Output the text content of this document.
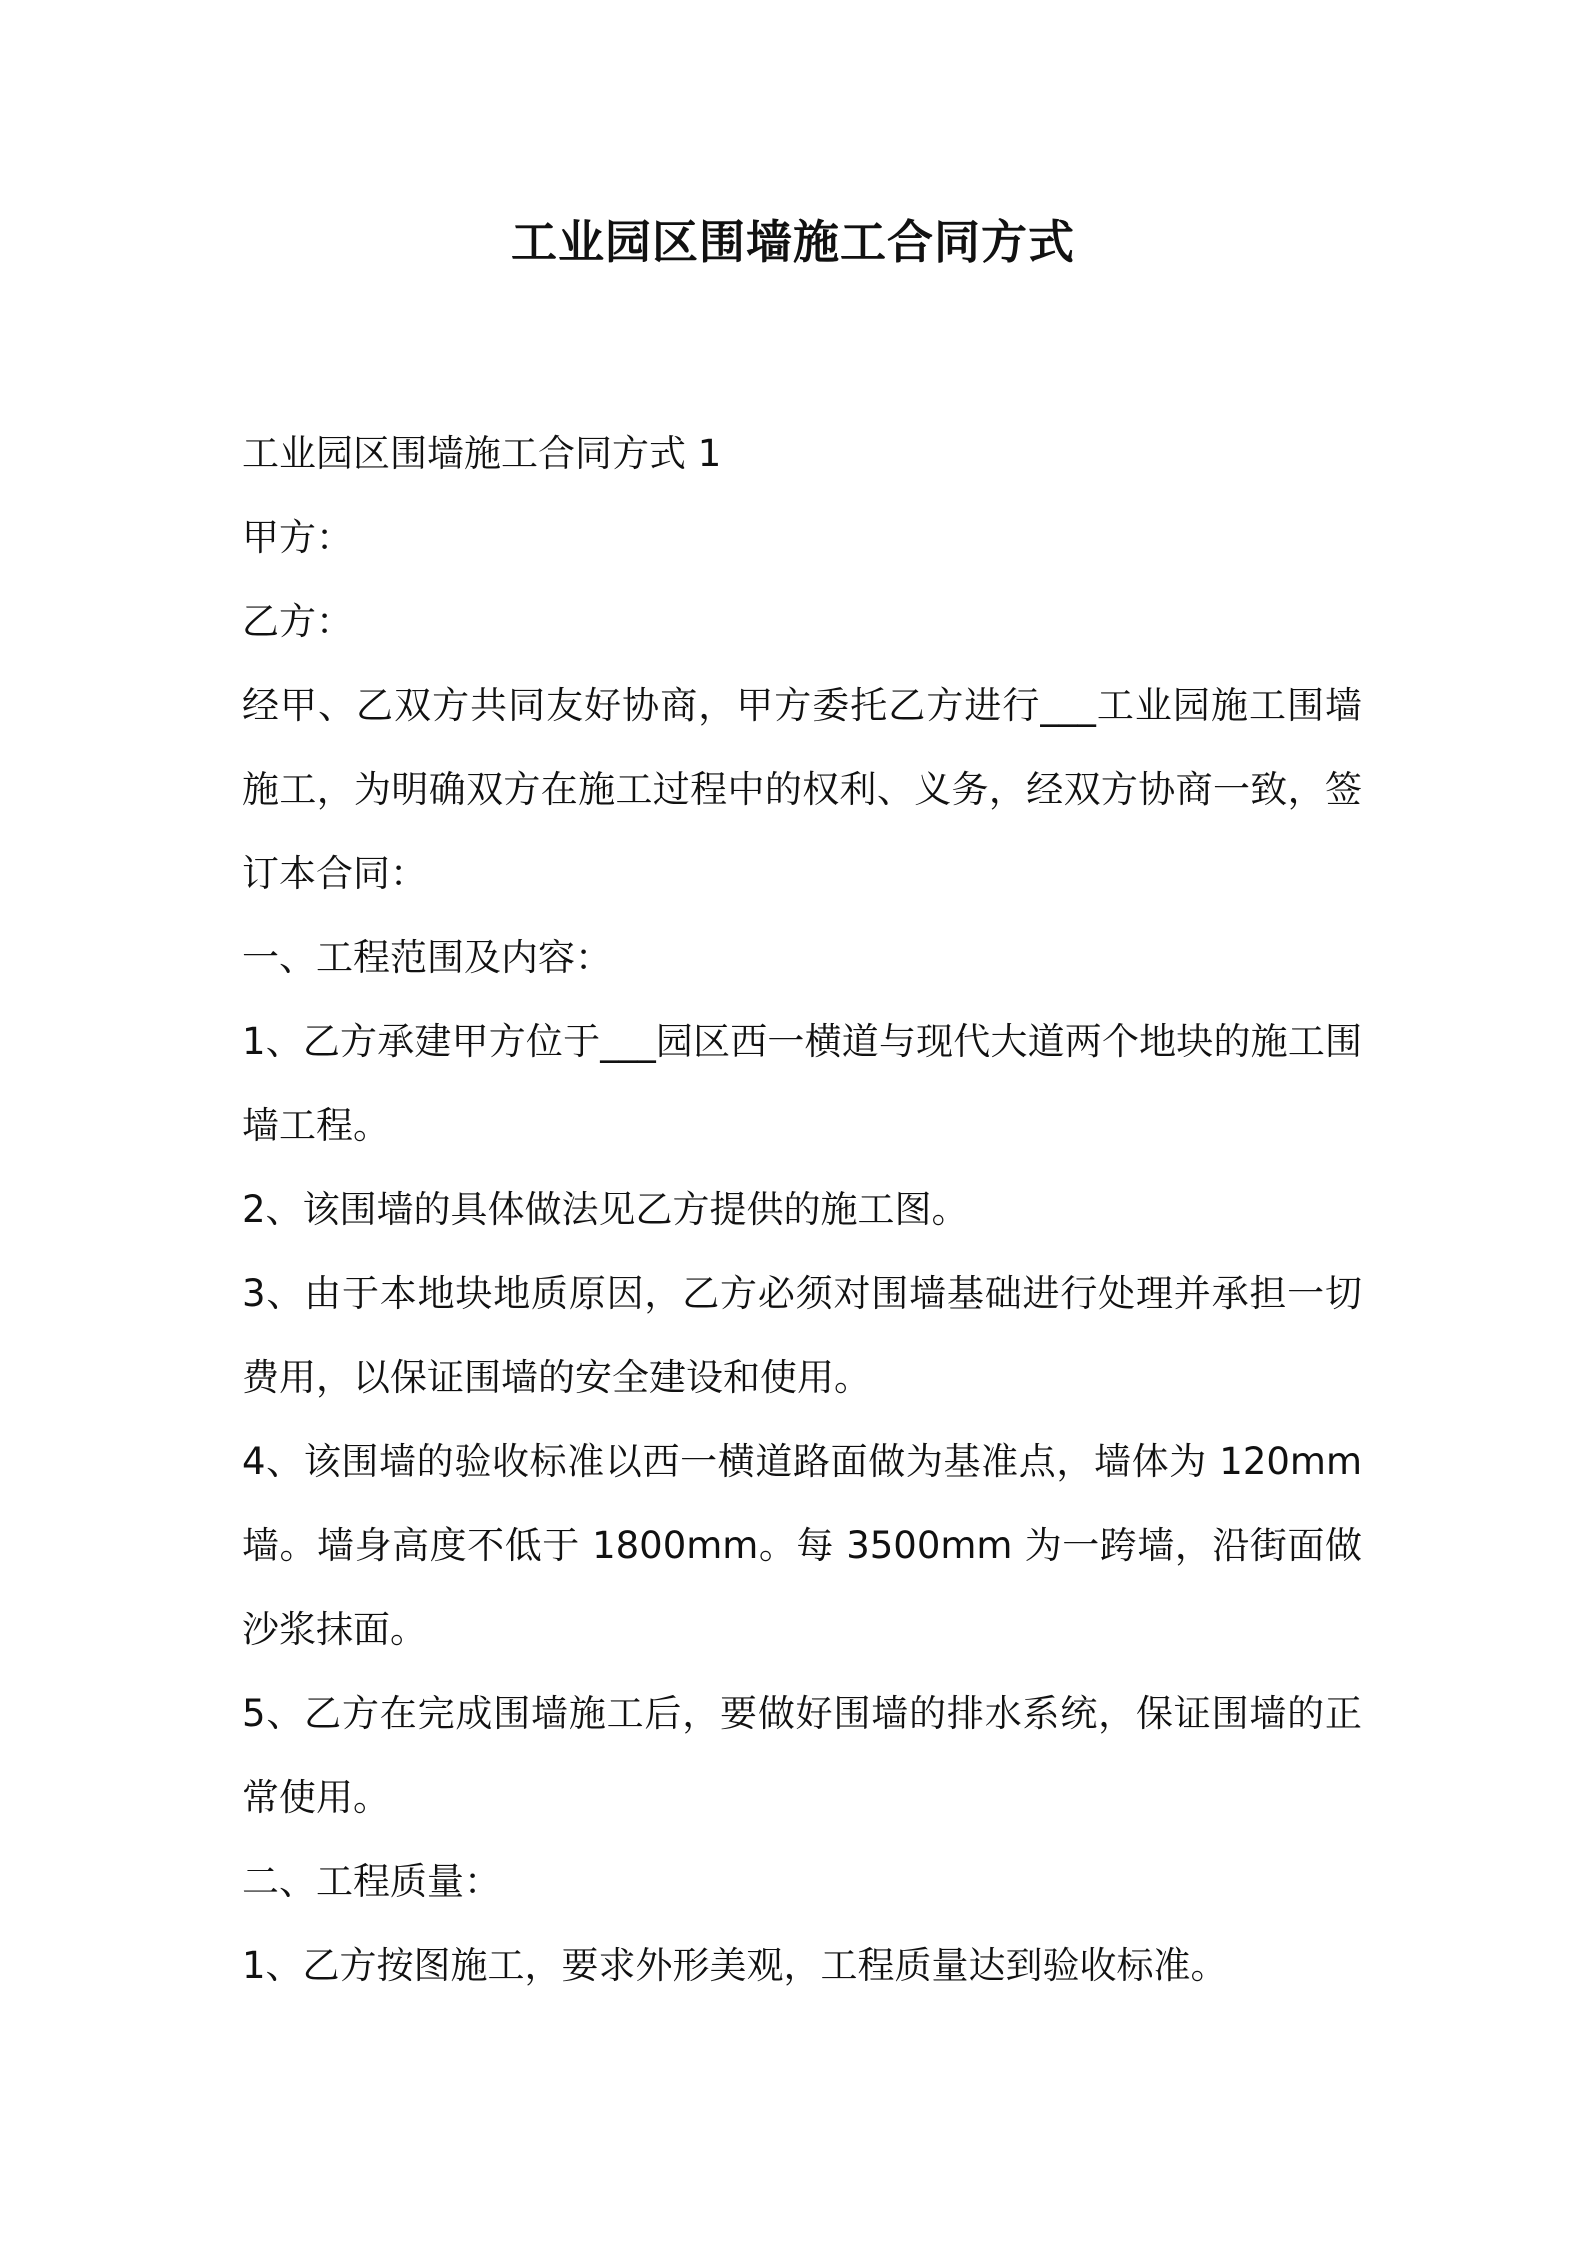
工业园区围墙施工合同方式

工业园区围墙施工合同方式 1

甲方：

乙方：

经甲、乙双方共同友好协商，甲方委托乙方进行___工业园施工围墙施工，为明确双方在施工过程中的权利、义务，经双方协商一致，签订本合同：

一、工程范围及内容：

1、乙方承建甲方位于___园区西一横道与现代大道两个地块的施工围墙工程。

2、该围墙的具体做法见乙方提供的施工图。

3、由于本地块地质原因，乙方必须对围墙基础进行处理并承担一切费用，以保证围墙的安全建设和使用。

4、该围墙的验收标准以西一横道路面做为基准点，墙体为 120mm 墙。墙身高度不低于 1800mm。每 3500mm 为一跨墙，沿街面做沙浆抹面。

5、乙方在完成围墙施工后，要做好围墙的排水系统，保证围墙的正常使用。

二、工程质量：

1、乙方按图施工，要求外形美观，工程质量达到验收标准。
